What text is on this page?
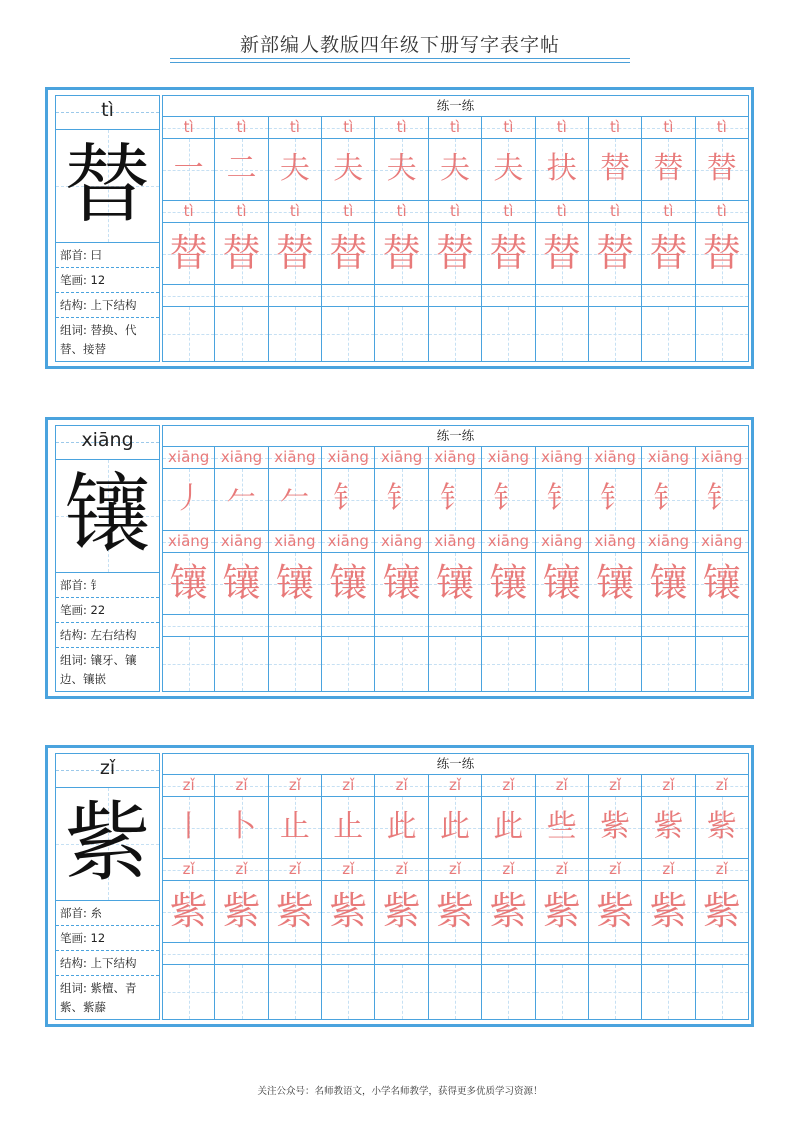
新部编人教版四年级下册写字表字帖
tì
替
部首: 曰
笔画: 12
结构: 上下结构
组词: 替换、代替、接替
练一练
tì	tì	tì	tì	tì	tì	tì	tì	tì	tì	tì
一 二 夫 夫 夫 夫 夫 扶 替 替 替
tì	tì	tì	tì	tì	tì	tì	tì	tì	tì	tì
替 替 替 替 替 替 替 替 替 替 替
xiāng
镶
部首: 钅
笔画: 22
结构: 左右结构
组词: 镶牙、镶边、镶嵌
练一练
xiāng xiāng xiāng xiāng xiāng xiāng xiāng xiāng xiāng xiāng xiāng
丿 𠂉 𠂉 钅 钅 钅 钅 钅 钅 钅 钅
xiāng xiāng xiāng xiāng xiāng xiāng xiāng xiāng xiāng xiāng xiāng
镶 镶 镶 镶 镶 镶 镶 镶 镶 镶 镶
zǐ
紫
部首: 糸
笔画: 12
结构: 上下结构
组词: 紫檀、青紫、紫藤
练一练
zǐ	zǐ	zǐ	zǐ	zǐ	zǐ	zǐ	zǐ	zǐ	zǐ	zǐ
丨 卜 止 止 此 此 此 些 紫 紫 紫
zǐ	zǐ	zǐ	zǐ	zǐ	zǐ	zǐ	zǐ	zǐ	zǐ	zǐ
紫 紫 紫 紫 紫 紫 紫 紫 紫 紫 紫
关注公众号：名师教语文，小学名师教学，获得更多优质学习资源！
